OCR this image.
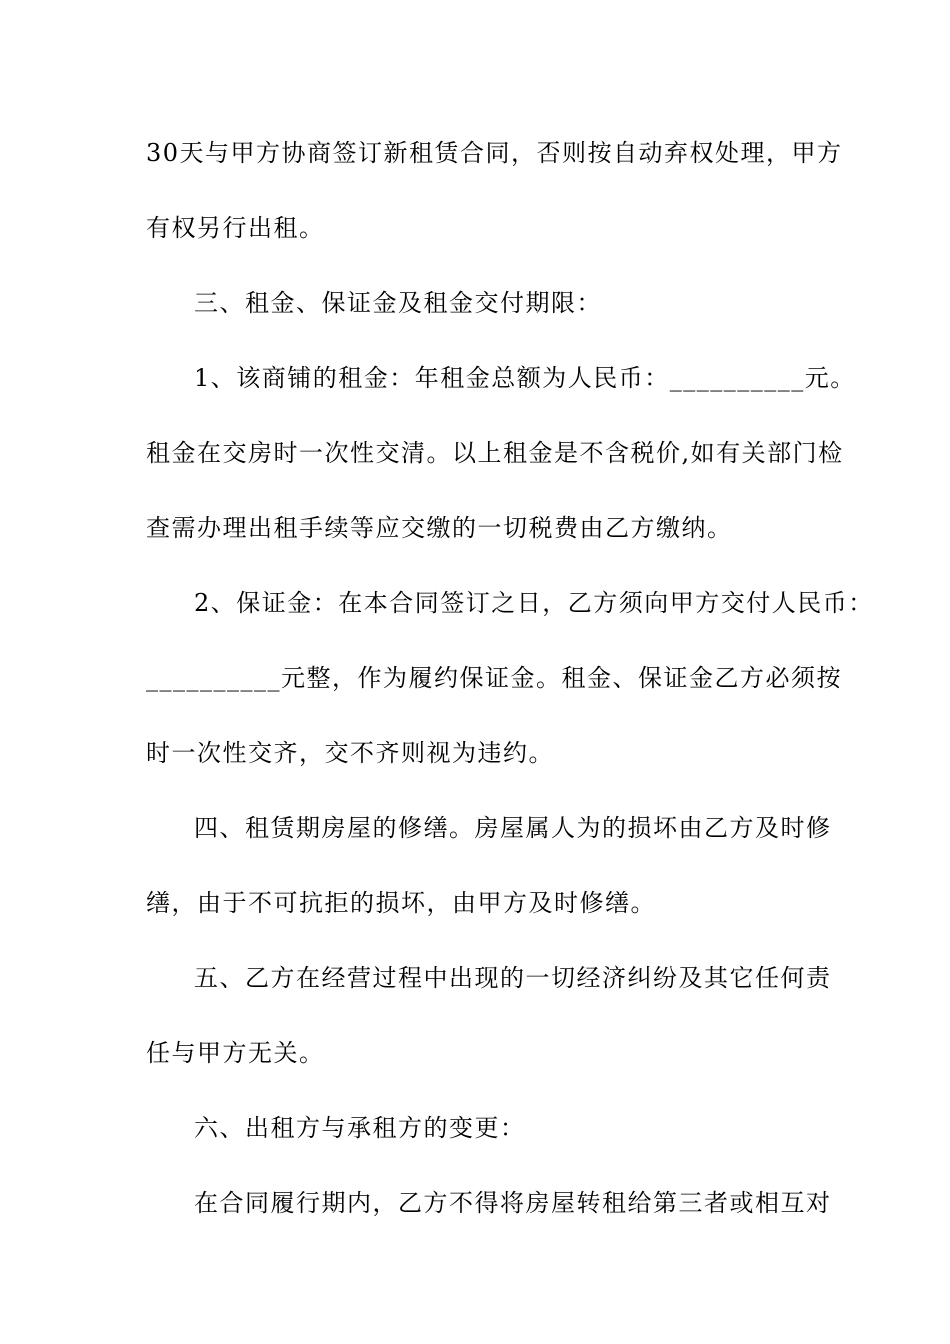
30天与甲方协商签订新租赁合同，否则按自动弃权处理，甲方
有权另行出租。
三、租金、保证金及租金交付期限：
1、该商铺的租金：年租金总额为人民币：__________元。
租金在交房时一次性交清。以上租金是不含税价,如有关部门检
查需办理出租手续等应交缴的一切税费由乙方缴纳。
2、保证金：在本合同签订之日，乙方须向甲方交付人民币：
__________元整，作为履约保证金。租金、保证金乙方必须按
时一次性交齐，交不齐则视为违约。
四、租赁期房屋的修缮。房屋属人为的损坏由乙方及时修
缮，由于不可抗拒的损坏，由甲方及时修缮。
五、乙方在经营过程中出现的一切经济纠纷及其它任何责
任与甲方无关。
六、出租方与承租方的变更：
在合同履行期内，乙方不得将房屋转租给第三者或相互对
